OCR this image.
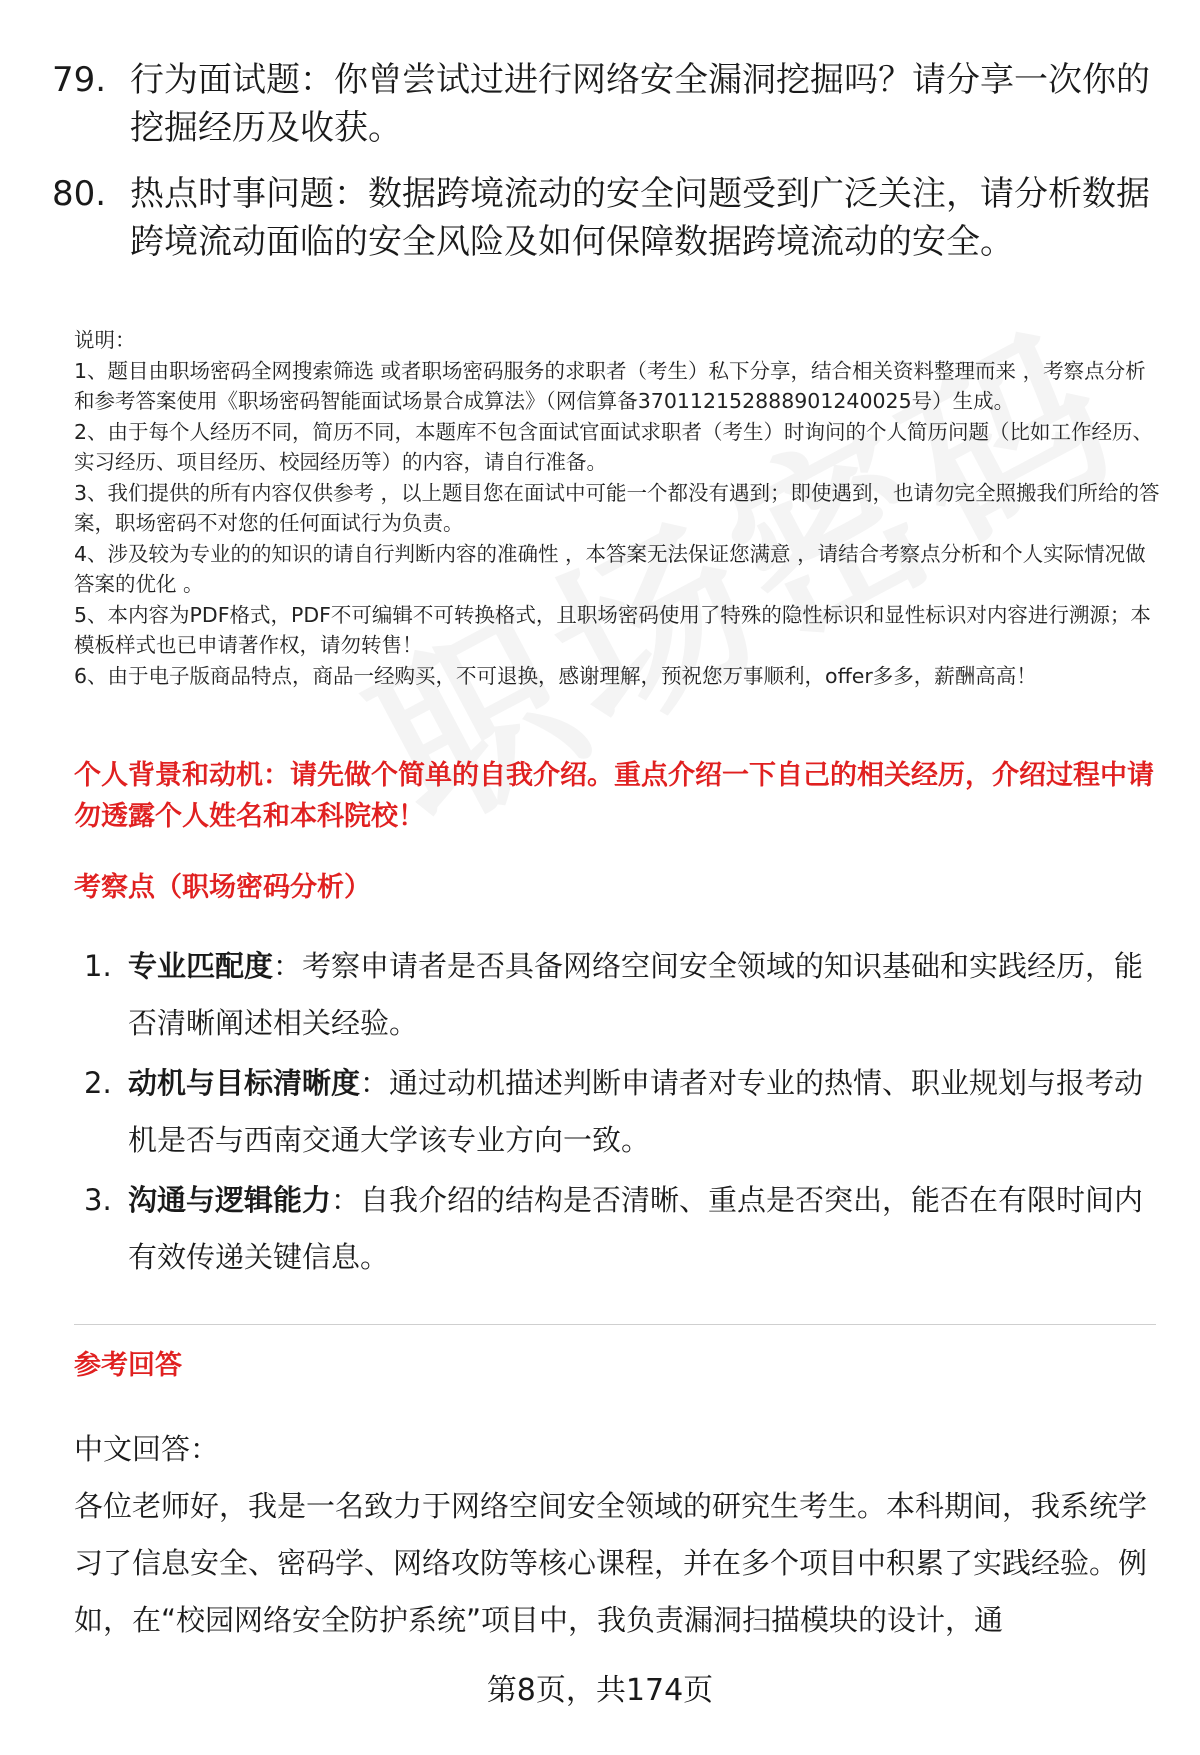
79. 行为面试题：你曾尝试过进行网络安全漏洞挖掘吗？请分享一次你的挖掘经历及收获。
80. 热点时事问题：数据跨境流动的安全问题受到广泛关注，请分析数据跨境流动面临的安全风险及如何保障数据跨境流动的安全。
说明：
1、题目由职场密码全网搜索筛选 或者职场密码服务的求职者（考生）私下分享，结合相关资料整理而来 ，考察点分析和参考答案使用《职场密码智能面试场景合成算法》（网信算备370112152888901240025号）生成。
2、由于每个人经历不同，简历不同，本题库不包含面试官面试求职者（考生）时询问的个人简历问题（比如工作经历、实习经历、项目经历、校园经历等）的内容，请自行准备。
3、我们提供的所有内容仅供参考 ，以上题目您在面试中可能一个都没有遇到；即使遇到，也请勿完全照搬我们所给的答案，职场密码不对您的任何面试行为负责。
4、涉及较为专业的的知识的请自行判断内容的准确性 ，本答案无法保证您满意 ，请结合考察点分析和个人实际情况做答案的优化 。
5、本内容为PDF格式，PDF不可编辑不可转换格式，且职场密码使用了特殊的隐性标识和显性标识对内容进行溯源；本模板样式也已申请著作权，请勿转售！
6、由于电子版商品特点，商品一经购买，不可退换，感谢理解，预祝您万事顺利，offer多多，薪酬高高！
个人背景和动机：请先做个简单的自我介绍。重点介绍一下自己的相关经历，介绍过程中请勿透露个人姓名和本科院校！
考察点（职场密码分析）
1. 专业匹配度：考察申请者是否具备网络空间安全领域的知识基础和实践经历，能否清晰阐述相关经验。
2. 动机与目标清晰度：通过动机描述判断申请者对专业的热情、职业规划与报考动机是否与西南交通大学该专业方向一致。
3. 沟通与逻辑能力：自我介绍的结构是否清晰、重点是否突出，能否在有限时间内有效传递关键信息。
参考回答
中文回答：
各位老师好，我是一名致力于网络空间安全领域的研究生考生。本科期间，我系统学习了信息安全、密码学、网络攻防等核心课程，并在多个项目中积累了实践经验。例如，在“校园网络安全防护系统”项目中，我负责漏洞扫描模块的设计，通
第8页，共174页
